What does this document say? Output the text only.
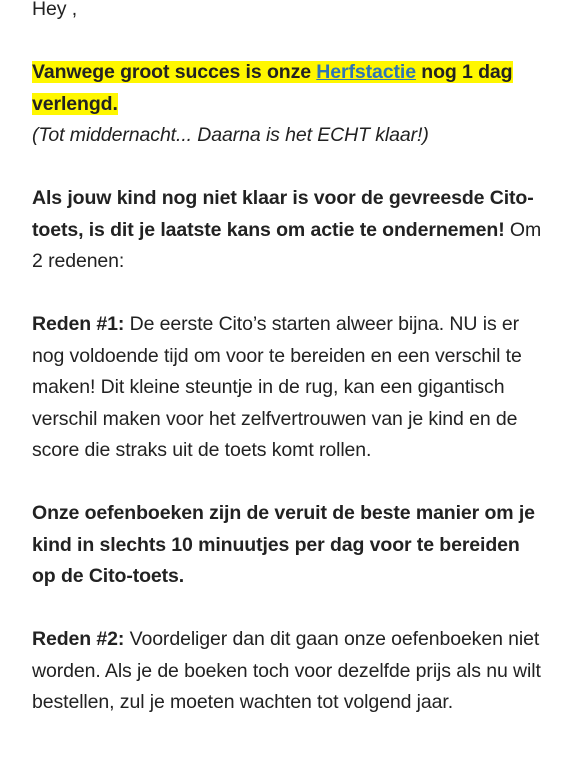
Hey ,

Vanwege groot succes is onze Herfstactie nog 1 dag
verlengd.
(Tot middernacht... Daarna is het ECHT klaar!)

Als jouw kind nog niet klaar is voor de gevreesde Cito-toets, is dit je laatste kans om actie te ondernemen! Om 2 redenen:

Reden #1: De eerste Cito’s starten alweer bijna. NU is er nog voldoende tijd om voor te bereiden en een verschil te maken! Dit kleine steuntje in de rug, kan een gigantisch verschil maken voor het zelfvertrouwen van je kind en de score die straks uit de toets komt rollen.

Onze oefenboeken zijn de veruit de beste manier om je kind in slechts 10 minuutjes per dag voor te bereiden op de Cito-toets.

Reden #2: Voordeliger dan dit gaan onze oefenboeken niet worden. Als je de boeken toch voor dezelfde prijs als nu wilt bestellen, zul je moeten wachten tot volgend jaar.
